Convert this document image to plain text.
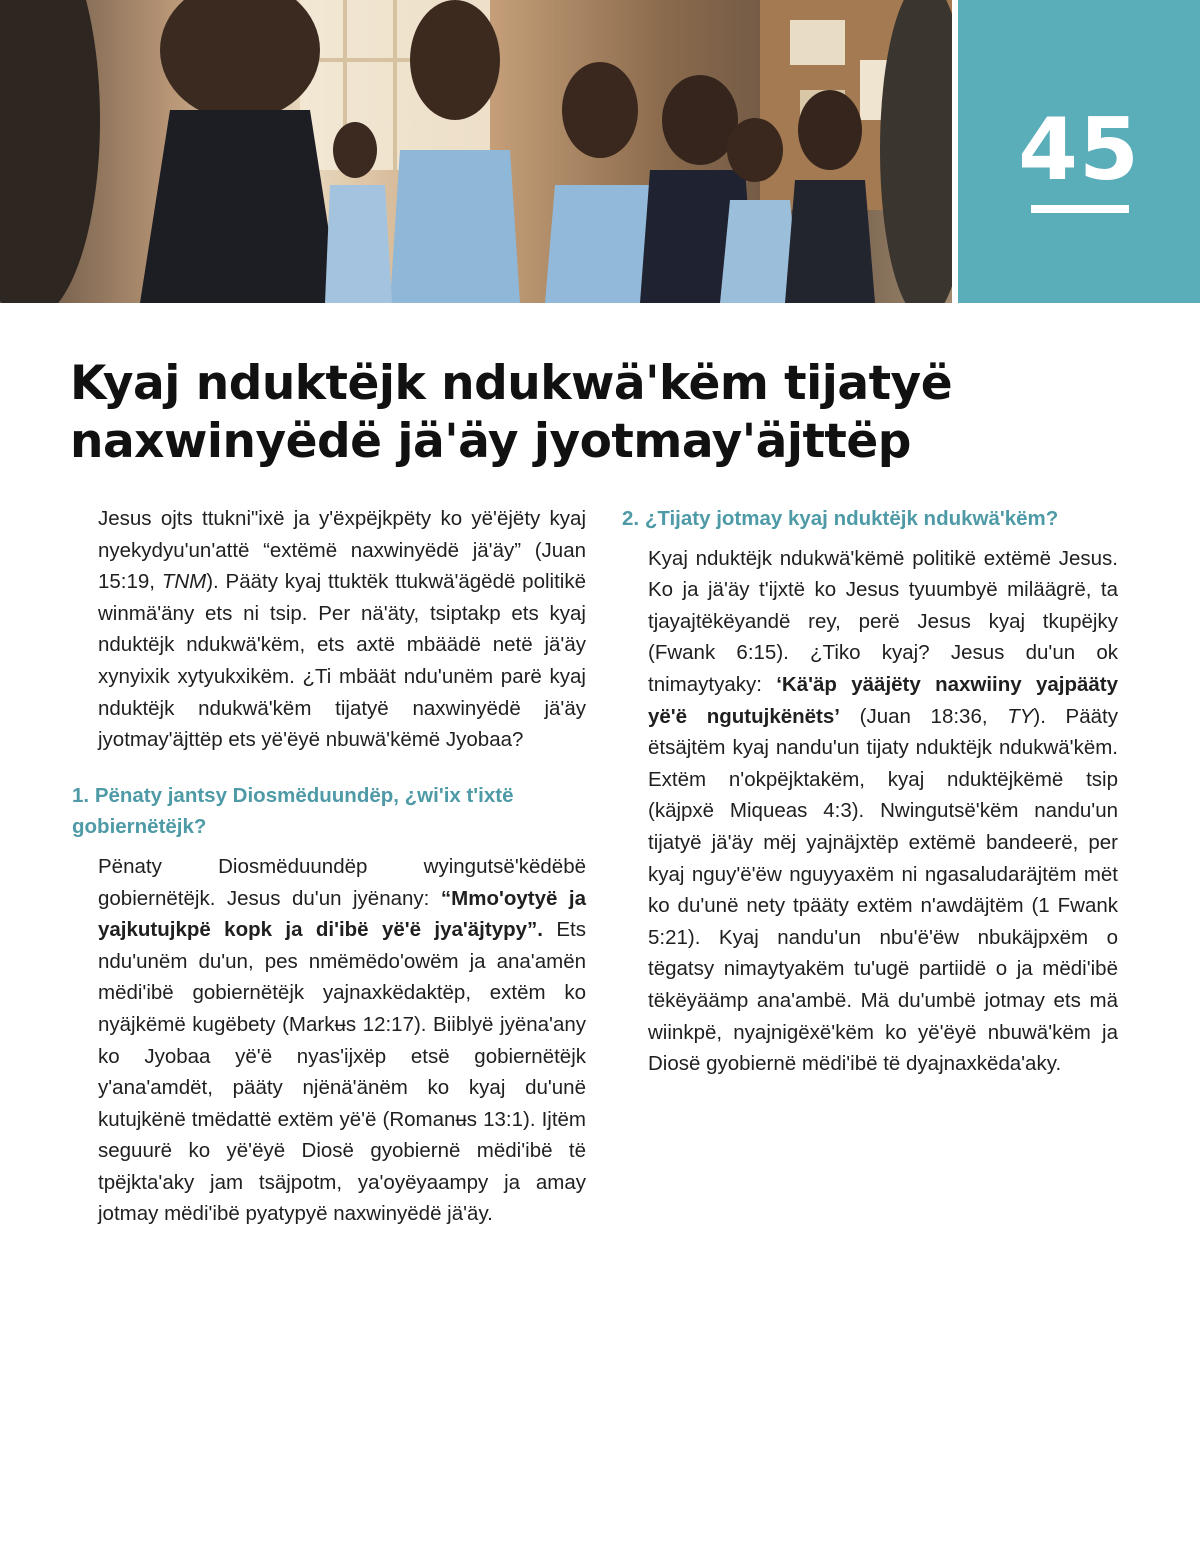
45
Kyaj nduktëjk ndukwä'këm tijatyë naxwinyëdë jä'äy jyotmay'äjttëp

Jesus ojts ttukni"ixë ja y'ëxpëjkpëty ko yë'ëjëty kyaj nyekydyu'un'attë “extëmë naxwinyëdë jä'äy” (Juan 15:19, TNM). Pääty kyaj ttuktëk ttukwä'ägëdë politikë winmä'äny ets ni tsip. Per nä'äty, tsiptakp ets kyaj nduktëjk ndukwä'këm, ets axtë mbäädë netë jä'äy xynyixik xytyukxikëm. ¿Ti mbäät ndu'unëm parë kyaj nduktëjk ndukwä'këm tijatyë naxwinyëdë jä'äy jyotmay'äjttëp ets yë'ëyë nbuwä'këmë Jyobaa?

1. Pënaty jantsy Diosmëduundëp, ¿wi'ix t'ixtë gobiernëtëjk?

Pënaty Diosmëduundëp wyingutsë'këdëbë gobiernëtëjk. Jesus du'un jyënany: “Mmo'oytyë ja yajkutujkpë kopk ja di'ibë yë'ë jya'äjtypy”. Ets ndu'unëm du'un, pes nmëmëdo'owëm ja ana'amën mëdi'ibë gobiernëtëjk yajnaxkëdaktëp, extëm ko nyäjkëmë kugëbety (Markʉs 12:17). Biiblyë jyëna'any ko Jyobaa yë'ë nyas'ijxëp etsë gobiernëtëjk y'ana'amdët, pääty njënä'änëm ko kyaj du'unë kutujkënë tmëdattë extëm yë'ë (Romanʉs 13:1). Ijtëm seguurë ko yë'ëyë Diosë gyobiernë mëdi'ibë të tpëjkta'aky jam tsäjpotm, ya'oyëyaampy ja amay jotmay mëdi'ibë pyatypyë naxwinyëdë jä'äy.

2. ¿Tijaty jotmay kyaj nduktëjk ndukwä'këm?

Kyaj nduktëjk ndukwä'këmë politikë extëmë Jesus. Ko ja jä'äy t'ijxtë ko Jesus tyuumbyë miläägrë, ta tjayajtëkëyandë rey, perë Jesus kyaj tkupëjky (Fwank 6:15). ¿Tiko kyaj? Jesus du'un ok tnimaytyaky: ‘Kä'äp yääjëty naxwiiny yajpääty yë'ë ngutujkënëts’ (Juan 18:36, TY). Pääty ëtsäjtëm kyaj nandu'un tijaty nduktëjk ndukwä'këm. Extëm n'okpëjktakëm, kyaj nduktëjkëmë tsip (käjpxë Miqueas 4:3). Nwingutsë'këm nandu'un tijatyë jä'äy mëj yajnäjxtëp extëmë bandeerë, per kyaj nguy'ë'ëw nguyyaxëm ni ngasaludaräjtëm mët ko du'unë nety tpääty extëm n'awdäjtëm (1 Fwank 5:21). Kyaj nandu'un nbu'ë'ëw nbukäjpxëm o tëgatsy nimaytyakëm tu'ugë partiidë o ja mëdi'ibë tëkëyäämp ana'ambë. Mä du'umbë jotmay ets mä wiinkpë, nyajnigëxë'këm ko yë'ëyë nbuwä'këm ja Diosë gyobiernë mëdi'ibë të dyajnaxkëda'aky.
